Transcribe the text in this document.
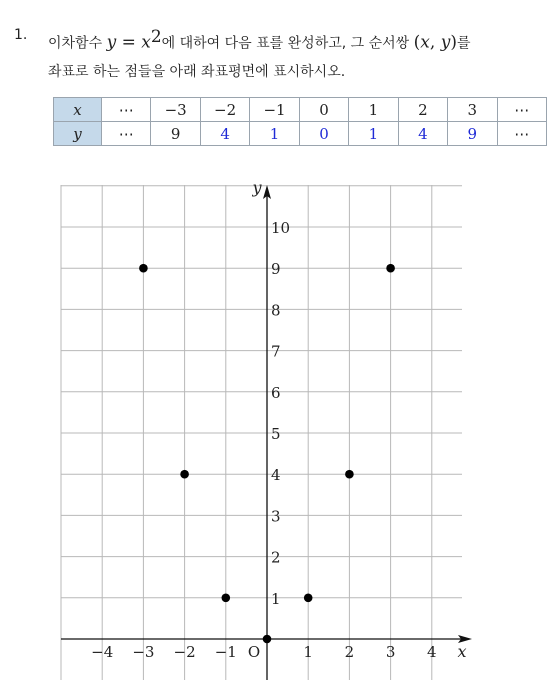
1.
이차함수 $y = x^2$에 대하여 다음 표를 완성하고, 그 순서쌍 (x, y)를
좌표로 하는 점들을 아래 좌표평면에 표시하시오.
x	⋯	−3	−2	−1	0	1	2	3	⋯
y	⋯	9	4	1	0	1	4	9	⋯
−4 −3 −2 −1	1 2 3 4
1
2
3
4
5
6
7
8
9
10
O	x
y
